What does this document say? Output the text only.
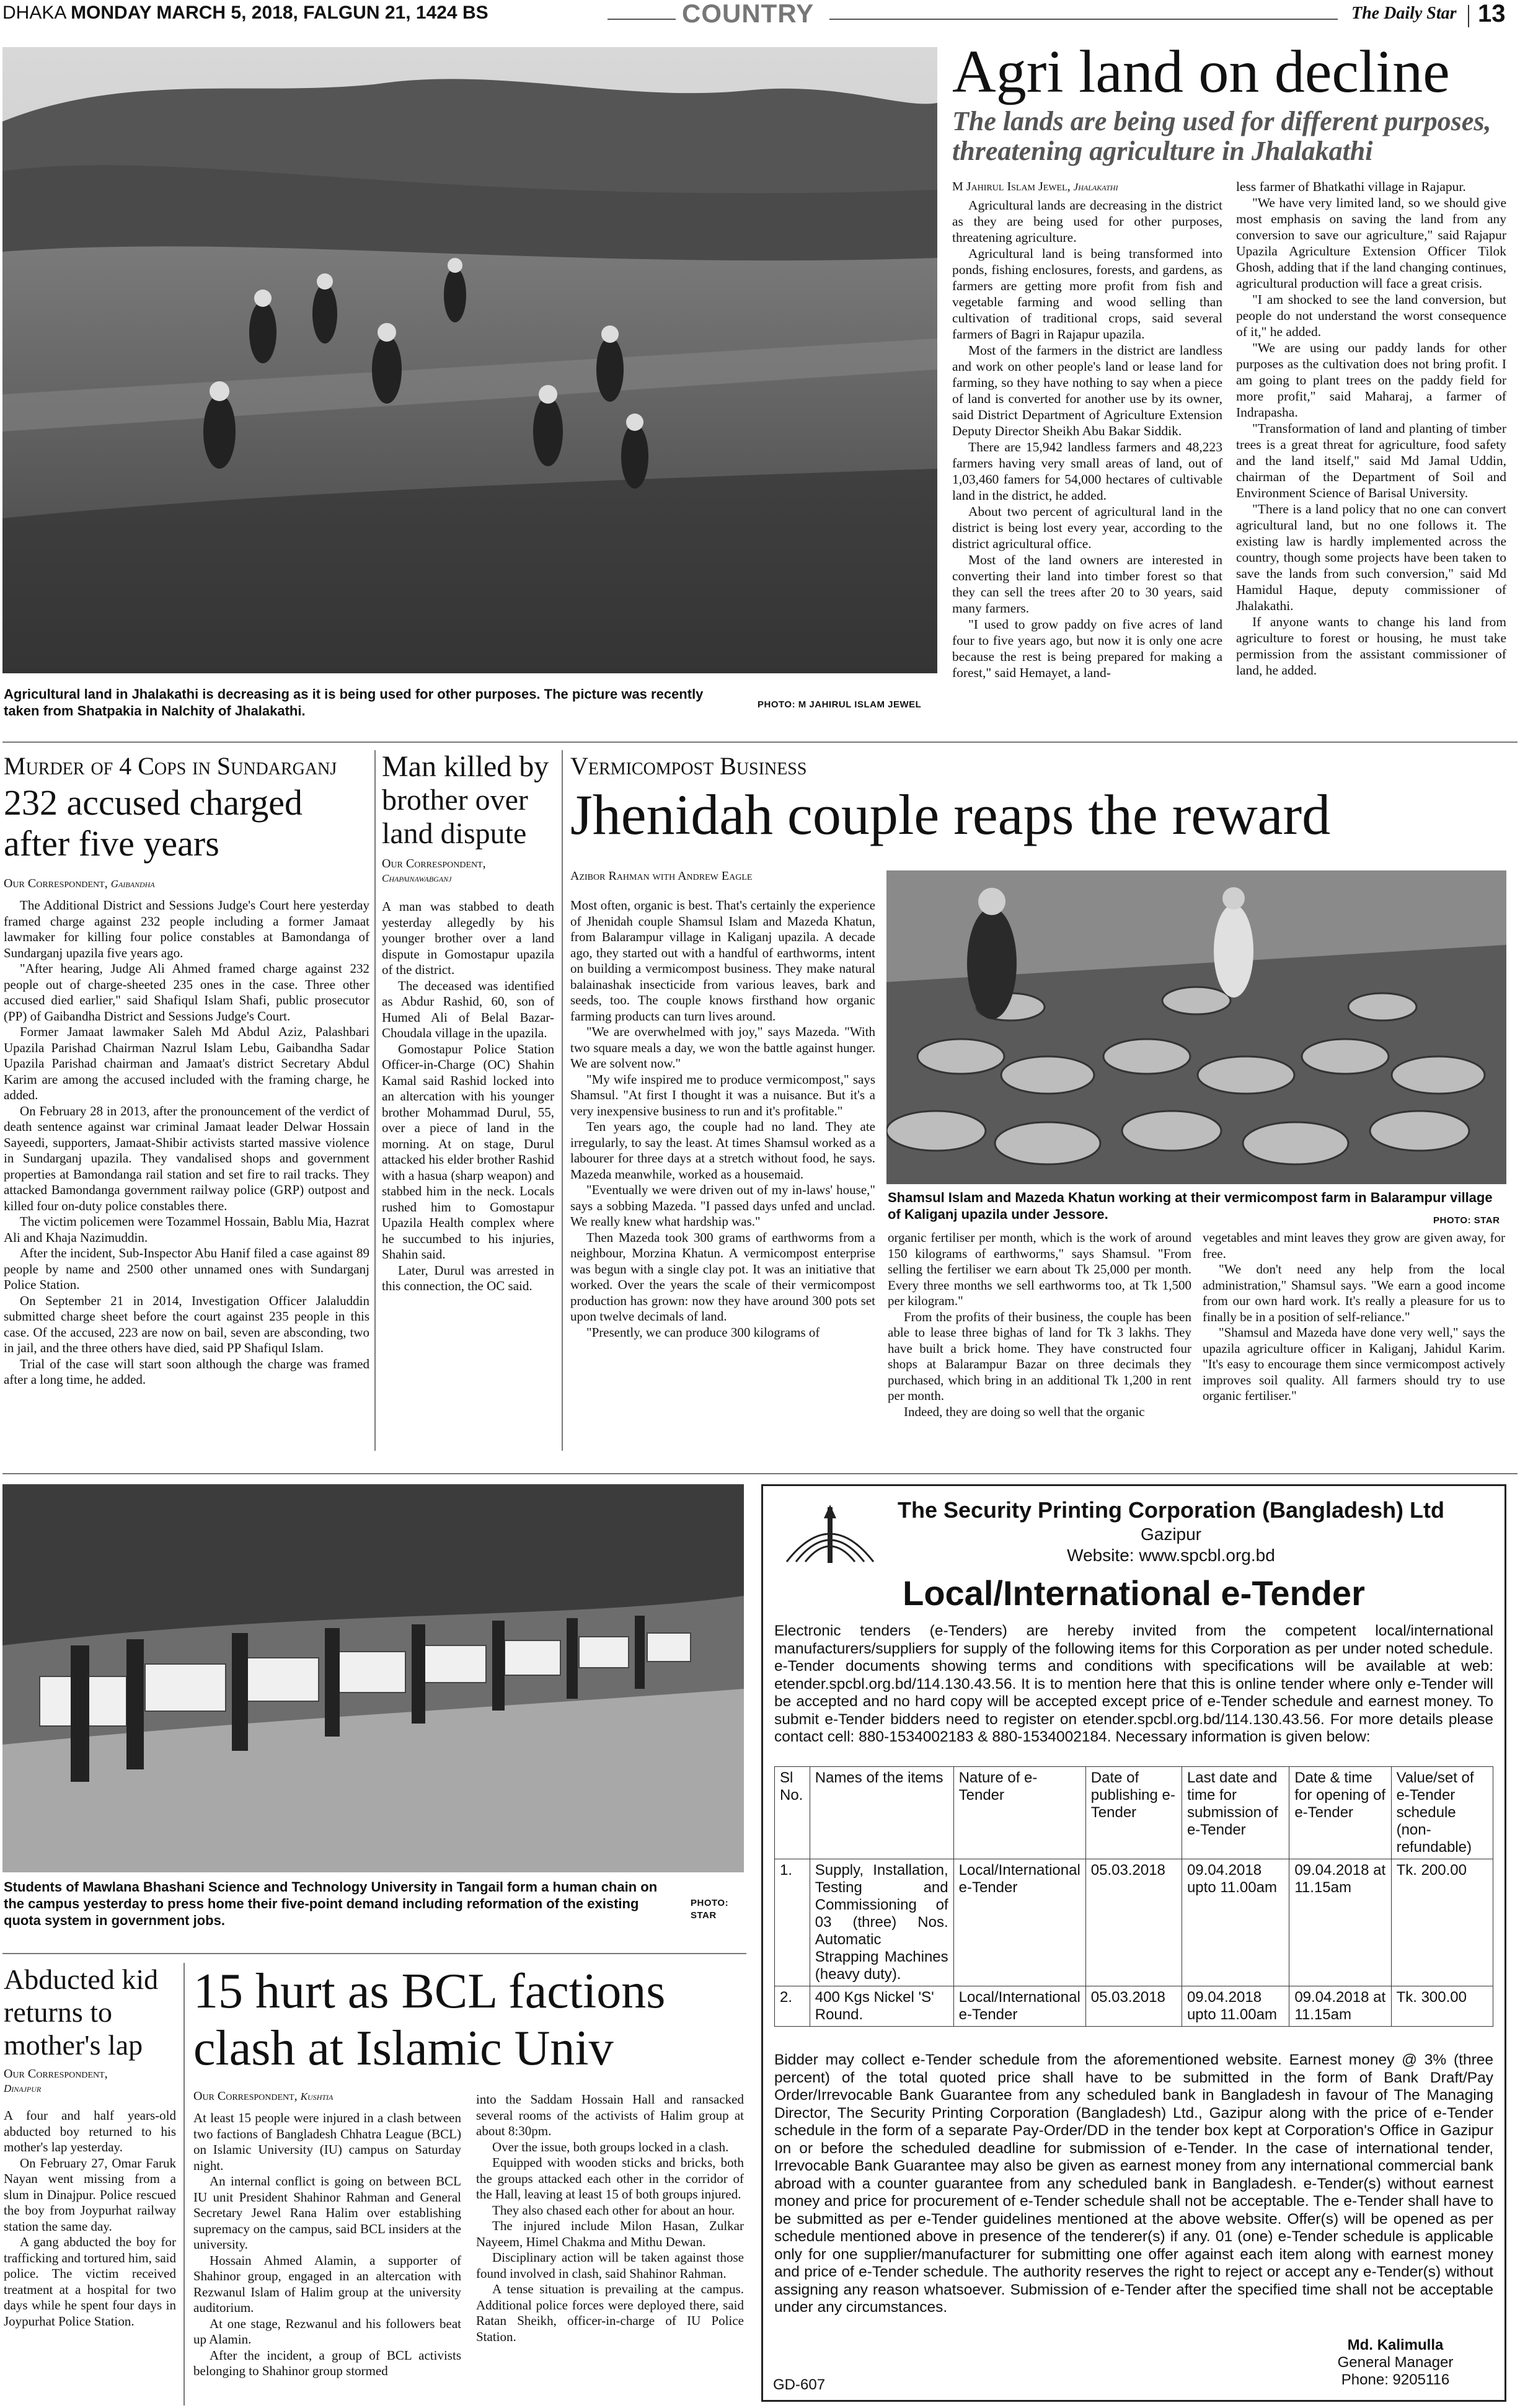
DHAKA MONDAY MARCH 5, 2018, FALGUN 21, 1424 BS	COUNTRY	The Daily Star 13
Agricultural land in Jhalakathi is decreasing as it is being used for other purposes. The picture was recently taken from Shatpakia in Nalchity of Jhalakathi.	PHOTO: M JAHIRUL ISLAM JEWEL
Agri land on decline
The lands are being used for different purposes, threatening agriculture in Jhalakathi
M Jahirul Islam Jewel, Jhalakathi

Agricultural lands are decreasing in the district as they are being used for other purposes, threatening agriculture.

Agricultural land is being transformed into ponds, fishing enclosures, forests, and gardens, as farmers are getting more profit from fish and vegetable farming and wood selling than cultivation of traditional crops, said several farmers of Bagri in Rajapur upazila.

Most of the farmers in the district are landless and work on other people's land or lease land for farming, so they have nothing to say when a piece of land is converted for another use by its owner, said District Department of Agriculture Extension Deputy Director Sheikh Abu Bakar Siddik.

There are 15,942 landless farmers and 48,223 farmers having very small areas of land, out of 1,03,460 famers for 54,000 hectares of cultivable land in the district, he added.

About two percent of agricultural land in the district is being lost every year, according to the district agricultural office.

Most of the land owners are interested in converting their land into timber forest so that they can sell the trees after 20 to 30 years, said many farmers.

"I used to grow paddy on five acres of land four to five years ago, but now it is only one acre because the rest is being prepared for making a forest," said Hemayet, a land-

less farmer of Bhatkathi village in Rajapur.

"We have very limited land, so we should give most emphasis on saving the land from any conversion to save our agriculture," said Rajapur Upazila Agriculture Extension Officer Tilok Ghosh, adding that if the land changing continues, agricultural production will face a great crisis.

"I am shocked to see the land conversion, but people do not understand the worst consequence of it," he added.

"We are using our paddy lands for other purposes as the cultivation does not bring profit. I am going to plant trees on the paddy field for more profit," said Maharaj, a farmer of Indrapasha.

"Transformation of land and planting of timber trees is a great threat for agriculture, food safety and the land itself," said Md Jamal Uddin, chairman of the Department of Soil and Environment Science of Barisal University.

"There is a land policy that no one can convert agricultural land, but no one follows it. The existing law is hardly implemented across the country, though some projects have been taken to save the lands from such conversion," said Md Hamidul Haque, deputy commissioner of Jhalakathi.

If anyone wants to change his land from agriculture to forest or housing, he must take permission from the assistant commissioner of land, he added.

Murder of 4 Cops in Sundarganj
232 accused charged after five years
Our Correspondent, Gaibandha

The Additional District and Sessions Judge's Court here yesterday framed charge against 232 people including a former Jamaat lawmaker for killing four police constables at Bamondanga of Sundarganj upazila five years ago.

"After hearing, Judge Ali Ahmed framed charge against 232 people out of charge-sheeted 235 ones in the case. Three other accused died earlier," said Shafiqul Islam Shafi, public prosecutor (PP) of Gaibandha District and Sessions Judge's Court.

Former Jamaat lawmaker Saleh Md Abdul Aziz, Palashbari Upazila Parishad Chairman Nazrul Islam Lebu, Gaibandha Sadar Upazila Parishad chairman and Jamaat's district Secretary Abdul Karim are among the accused included with the framing charge, he added.

On February 28 in 2013, after the pronouncement of the verdict of death sentence against war criminal Jamaat leader Delwar Hossain Sayeedi, supporters, Jamaat-Shibir activists started massive violence in Sundarganj upazila. They vandalised shops and government properties at Bamondanga rail station and set fire to rail tracks. They attacked Bamondanga government railway police (GRP) outpost and killed four on-duty police constables there.

The victim policemen were Tozammel Hossain, Bablu Mia, Hazrat Ali and Khaja Nazimuddin.

After the incident, Sub-Inspector Abu Hanif filed a case against 89 people by name and 2500 other unnamed ones with Sundarganj Police Station.

On September 21 in 2014, Investigation Officer Jalaluddin submitted charge sheet before the court against 235 people in this case. Of the accused, 223 are now on bail, seven are absconding, two in jail, and the three others have died, said PP Shafiqul Islam.

Trial of the case will start soon although the charge was framed after a long time, he added.

Man killed by brother over land dispute
Our Correspondent,
Chapainawabganj

A man was stabbed to death yesterday allegedly by his younger brother over a land dispute in Gomostapur upazila of the district.

The deceased was identified as Abdur Rashid, 60, son of Humed Ali of Belal Bazar-Choudala village in the upazila.

Gomostapur Police Station Officer-in-Charge (OC) Shahin Kamal said Rashid locked into an altercation with his younger brother Mohammad Durul, 55, over a piece of land in the morning. At on stage, Durul attacked his elder brother Rashid with a hasua (sharp weapon) and stabbed him in the neck. Locals rushed him to Gomostapur Upazila Health complex where he succumbed to his injuries, Shahin said.

Later, Durul was arrested in this connection, the OC said.

Vermicompost Business
Jhenidah couple reaps the reward
Azibor Rahman with Andrew Eagle

Most often, organic is best. That's certainly the experience of Jhenidah couple Shamsul Islam and Mazeda Khatun, from Balarampur village in Kaliganj upazila. A decade ago, they started out with a handful of earthworms, intent on building a vermicompost business. They make natural balainashak insecticide from various leaves, bark and seeds, too. The couple knows firsthand how organic farming products can turn lives around.

"We are overwhelmed with joy," says Mazeda. "With two square meals a day, we won the battle against hunger. We are solvent now."

"My wife inspired me to produce vermicompost," says Shamsul. "At first I thought it was a nuisance. But it's a very inexpensive business to run and it's profitable."

Ten years ago, the couple had no land. They ate irregularly, to say the least. At times Shamsul worked as a labourer for three days at a stretch without food, he says. Mazeda meanwhile, worked as a housemaid.

"Eventually we were driven out of my in-laws' house," says a sobbing Mazeda. "I passed days unfed and unclad. We really knew what hardship was."

Then Mazeda took 300 grams of earthworms from a neighbour, Morzina Khatun. A vermicompost enterprise was begun with a single clay pot. It was an initiative that worked. Over the years the scale of their vermicompost production has grown: now they have around 300 pots set upon twelve decimals of land.

"Presently, we can produce 300 kilograms of

Shamsul Islam and Mazeda Khatun working at their vermicompost farm in Balarampur village of Kaliganj upazila under Jessore.	PHOTO: STAR

organic fertiliser per month, which is the work of around 150 kilograms of earthworms," says Shamsul. "From selling the fertiliser we earn about Tk 25,000 per month. Every three months we sell earthworms too, at Tk 1,500 per kilogram."

From the profits of their business, the couple has been able to lease three bighas of land for Tk 3 lakhs. They have built a brick home. They have constructed four shops at Balarampur Bazar on three decimals they purchased, which bring in an additional Tk 1,200 in rent per month.

Indeed, they are doing so well that the organic

vegetables and mint leaves they grow are given away, for free.

"We don't need any help from the local administration," Shamsul says. "We earn a good income from our own hard work. It's really a pleasure for us to finally be in a position of self-reliance."

"Shamsul and Mazeda have done very well," says the upazila agriculture officer in Kaliganj, Jahidul Karim. "It's easy to encourage them since vermicompost actively improves soil quality. All farmers should try to use organic fertiliser."

Students of Mawlana Bhashani Science and Technology University in Tangail form a human chain on the campus yesterday to press home their five-point demand including reformation of the existing quota system in government jobs.
PHOTO:
STAR
Abducted kid returns to mother's lap
Our Correspondent,
Dinajpur

A four and half years-old abducted boy returned to his mother's lap yesterday.

On February 27, Omar Faruk Nayan went missing from a slum in Dinajpur. Police rescued the boy from Joypurhat railway station the same day.

A gang abducted the boy for trafficking and tortured him, said police. The victim received treatment at a hospital for two days while he spent four days in Joypurhat Police Station.

15 hurt as BCL factions clash at Islamic Univ
Our Correspondent, Kushtia

At least 15 people were injured in a clash between two factions of Bangladesh Chhatra League (BCL) on Islamic University (IU) campus on Saturday night.

An internal conflict is going on between BCL IU unit President Shahinor Rahman and General Secretary Jewel Rana Halim over establishing supremacy on the campus, said BCL insiders at the university.

Hossain Ahmed Alamin, a supporter of Shahinor group, engaged in an altercation with Rezwanul Islam of Halim group at the university auditorium.

At one stage, Rezwanul and his followers beat up Alamin.

After the incident, a group of BCL activists belonging to Shahinor group stormed

into the Saddam Hossain Hall and ransacked several rooms of the activists of Halim group at about 8:30pm.

Over the issue, both groups locked in a clash.

Equipped with wooden sticks and bricks, both the groups attacked each other in the corridor of the Hall, leaving at least 15 of both groups injured.

They also chased each other for about an hour.

The injured include Milon Hasan, Zulkar Nayeem, Himel Chakma and Mithu Dewan.

Disciplinary action will be taken against those found involved in clash, said Shahinor Rahman.

A tense situation is prevailing at the campus. Additional police forces were deployed there, said Ratan Sheikh, officer-in-charge of IU Police Station.

The Security Printing Corporation (Bangladesh) Ltd
Gazipur
Website: www.spcbl.org.bd
Local/International e-Tender
Electronic tenders (e-Tenders) are hereby invited from the competent local/international manufacturers/suppliers for supply of the following items for this Corporation as per under noted schedule. e-Tender documents showing terms and conditions with specifications will be available at web: etender.spcbl.org.bd/114.130.43.56. It is to mention here that this is online tender where only e-Tender will be accepted and no hard copy will be accepted except price of e-Tender schedule and earnest money. To submit e-Tender bidders need to register on etender.spcbl.org.bd/114.130.43.56. For more details please contact cell: 880-1534002183 & 880-1534002184. Necessary information is given below:
Sl No.	Names of the items	Nature of e-Tender	Date of publishing e-Tender	Last date and time for submission of e-Tender	Date & time for opening of e-Tender	Value/set of e-Tender schedule (non-refundable)
1.	Supply, Installation, Testing and Commissioning of 03 (three) Nos. Automatic Strapping Machines (heavy duty).	Local/International e-Tender	05.03.2018	09.04.2018 upto 11.00am	09.04.2018 at 11.15am	Tk. 200.00
2.	400 Kgs Nickel 'S' Round.	Local/International e-Tender	05.03.2018	09.04.2018 upto 11.00am	09.04.2018 at 11.15am	Tk. 300.00
Bidder may collect e-Tender schedule from the aforementioned website. Earnest money @ 3% (three percent) of the total quoted price shall have to be submitted in the form of Bank Draft/Pay Order/Irrevocable Bank Guarantee from any scheduled bank in Bangladesh in favour of The Managing Director, The Security Printing Corporation (Bangladesh) Ltd., Gazipur along with the price of e-Tender schedule in the form of a separate Pay-Order/DD in the tender box kept at Corporation's Office in Gazipur on or before the scheduled deadline for submission of e-Tender. In the case of international tender, Irrevocable Bank Guarantee may also be given as earnest money from any international commercial bank abroad with a counter guarantee from any scheduled bank in Bangladesh. e-Tender(s) without earnest money and price for procurement of e-Tender schedule shall not be acceptable. The e-Tender shall have to be submitted as per e-Tender guidelines mentioned at the above website. Offer(s) will be opened as per schedule mentioned above in presence of the tenderer(s) if any. 01 (one) e-Tender schedule is applicable only for one supplier/manufacturer for submitting one offer against each item along with earnest money and price of e-Tender schedule. The authority reserves the right to reject or accept any e-Tender(s) without assigning any reason whatsoever. Submission of e-Tender after the specified time shall not be acceptable under any circumstances.
Md. Kalimulla
General Manager
Phone: 9205116
GD-607
